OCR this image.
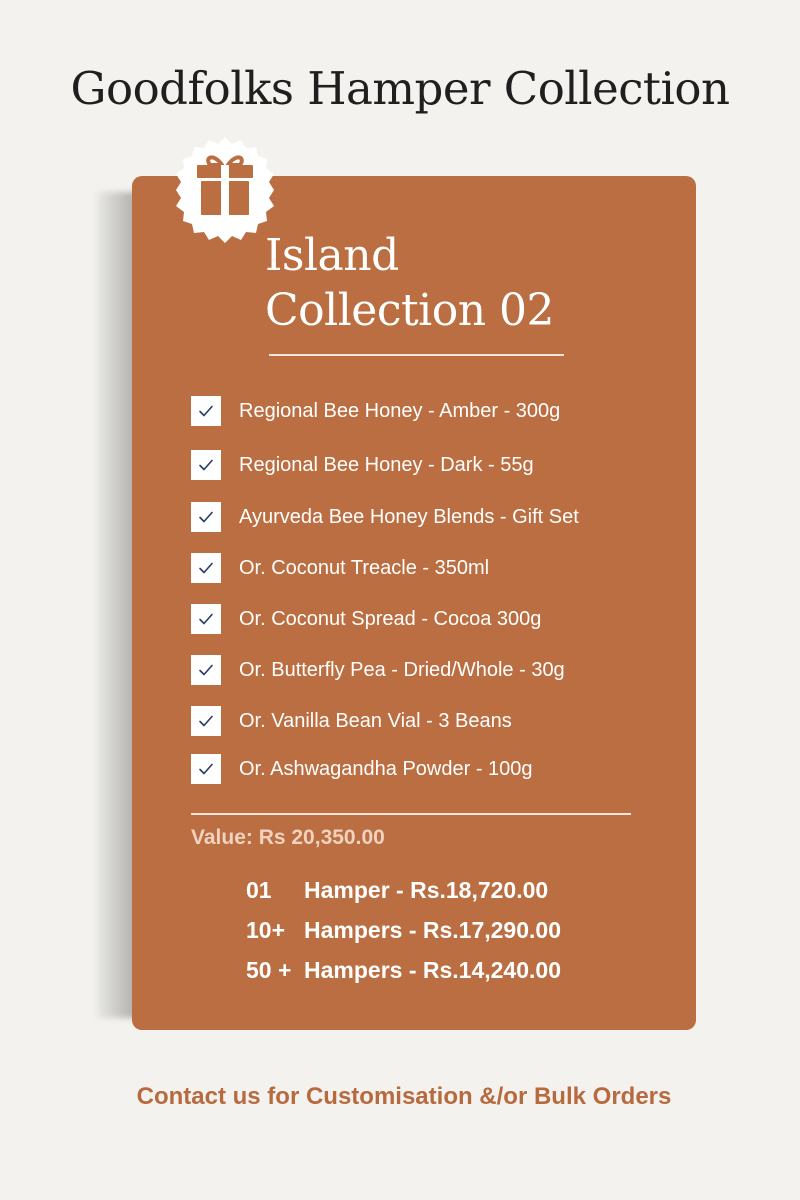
Goodfolks Hamper Collection
Island
Collection 02
Regional Bee Honey - Amber - 300g
Regional Bee Honey - Dark - 55g
Ayurveda Bee Honey Blends - Gift Set
Or. Coconut Treacle - 350ml
Or. Coconut Spread - Cocoa 300g
Or. Butterfly Pea - Dried/Whole - 30g
Or. Vanilla Bean Vial - 3 Beans
Or. Ashwagandha Powder - 100g
Value: Rs 20,350.00
01 Hamper - Rs.18,720.00
10+ Hampers - Rs.17,290.00
50 + Hampers - Rs.14,240.00
Contact us for Customisation &/or Bulk Orders
